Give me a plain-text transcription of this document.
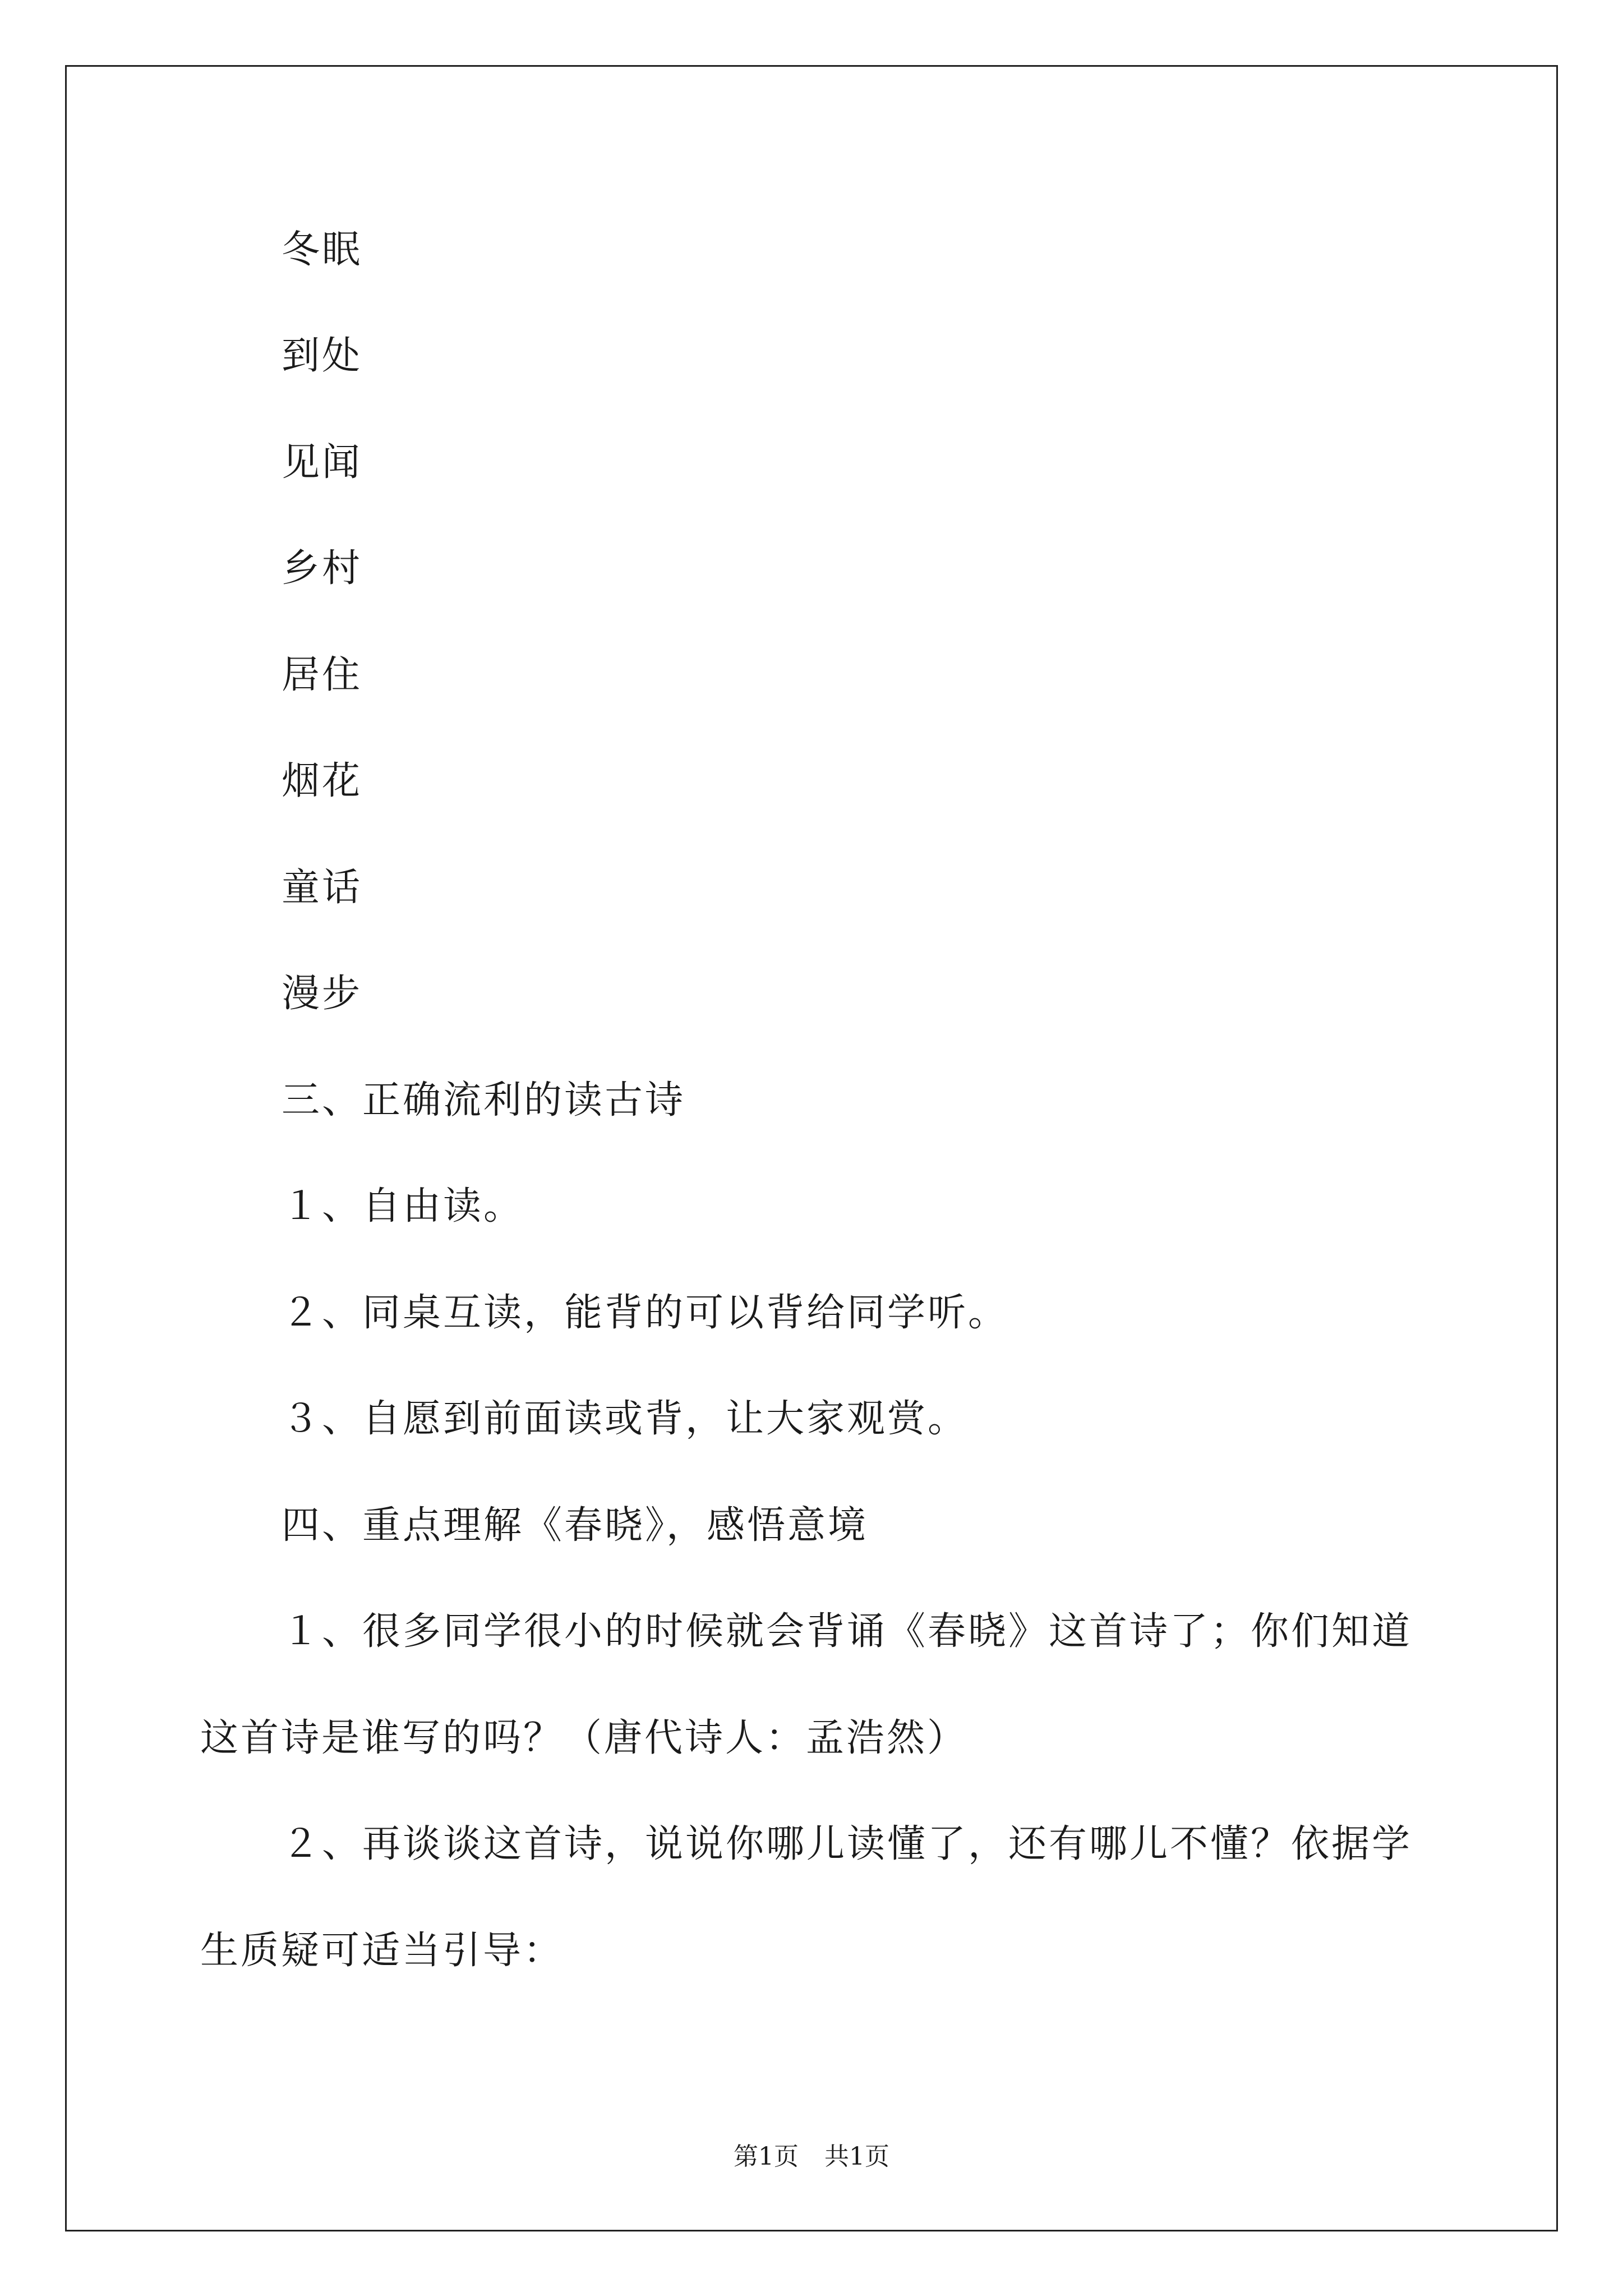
冬眠
到处
见闻
乡村
居住
烟花
童话
漫步
三、正确流利的读古诗
１、自由读。
２、同桌互读，能背的可以背给同学听。
３、自愿到前面读或背，让大家观赏。
四、重点理解《春晓》，感悟意境
１、很多同学很小的时候就会背诵《春晓》这首诗了；你们知道
这首诗是谁写的吗？（唐代诗人：孟浩然）
２、再谈谈这首诗，说说你哪儿读懂了，还有哪儿不懂？依据学
生质疑可适当引导：
第1页 共1页
